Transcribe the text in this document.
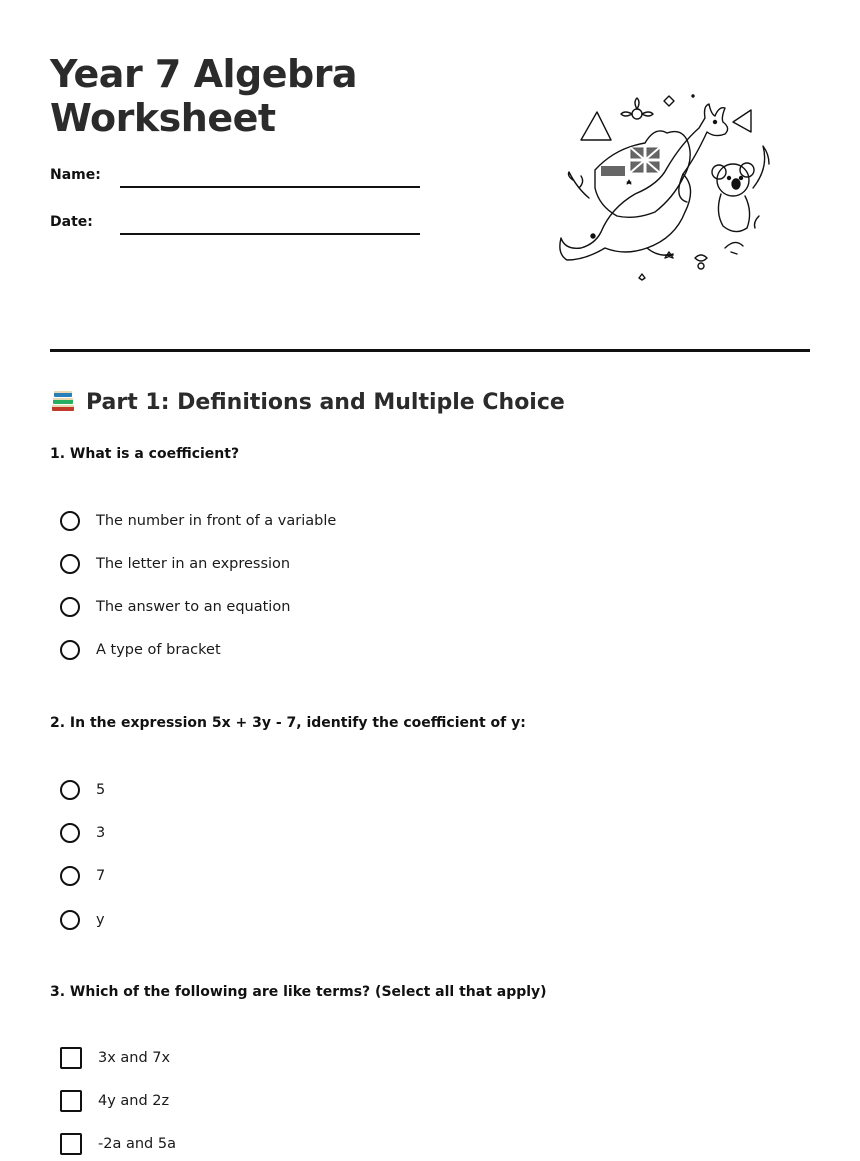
Year 7 Algebra
Worksheet
Name:
Date:
Part 1: Definitions and Multiple Choice

1. What is a coefficient?

The number in front of a variable
The letter in an expression
The answer to an equation
A type of bracket

2. In the expression 5x + 3y - 7, identify the coefficient of y:

5
3
7
y

3. Which of the following are like terms? (Select all that apply)

3x and 7x
4y and 2z
-2a and 5a
